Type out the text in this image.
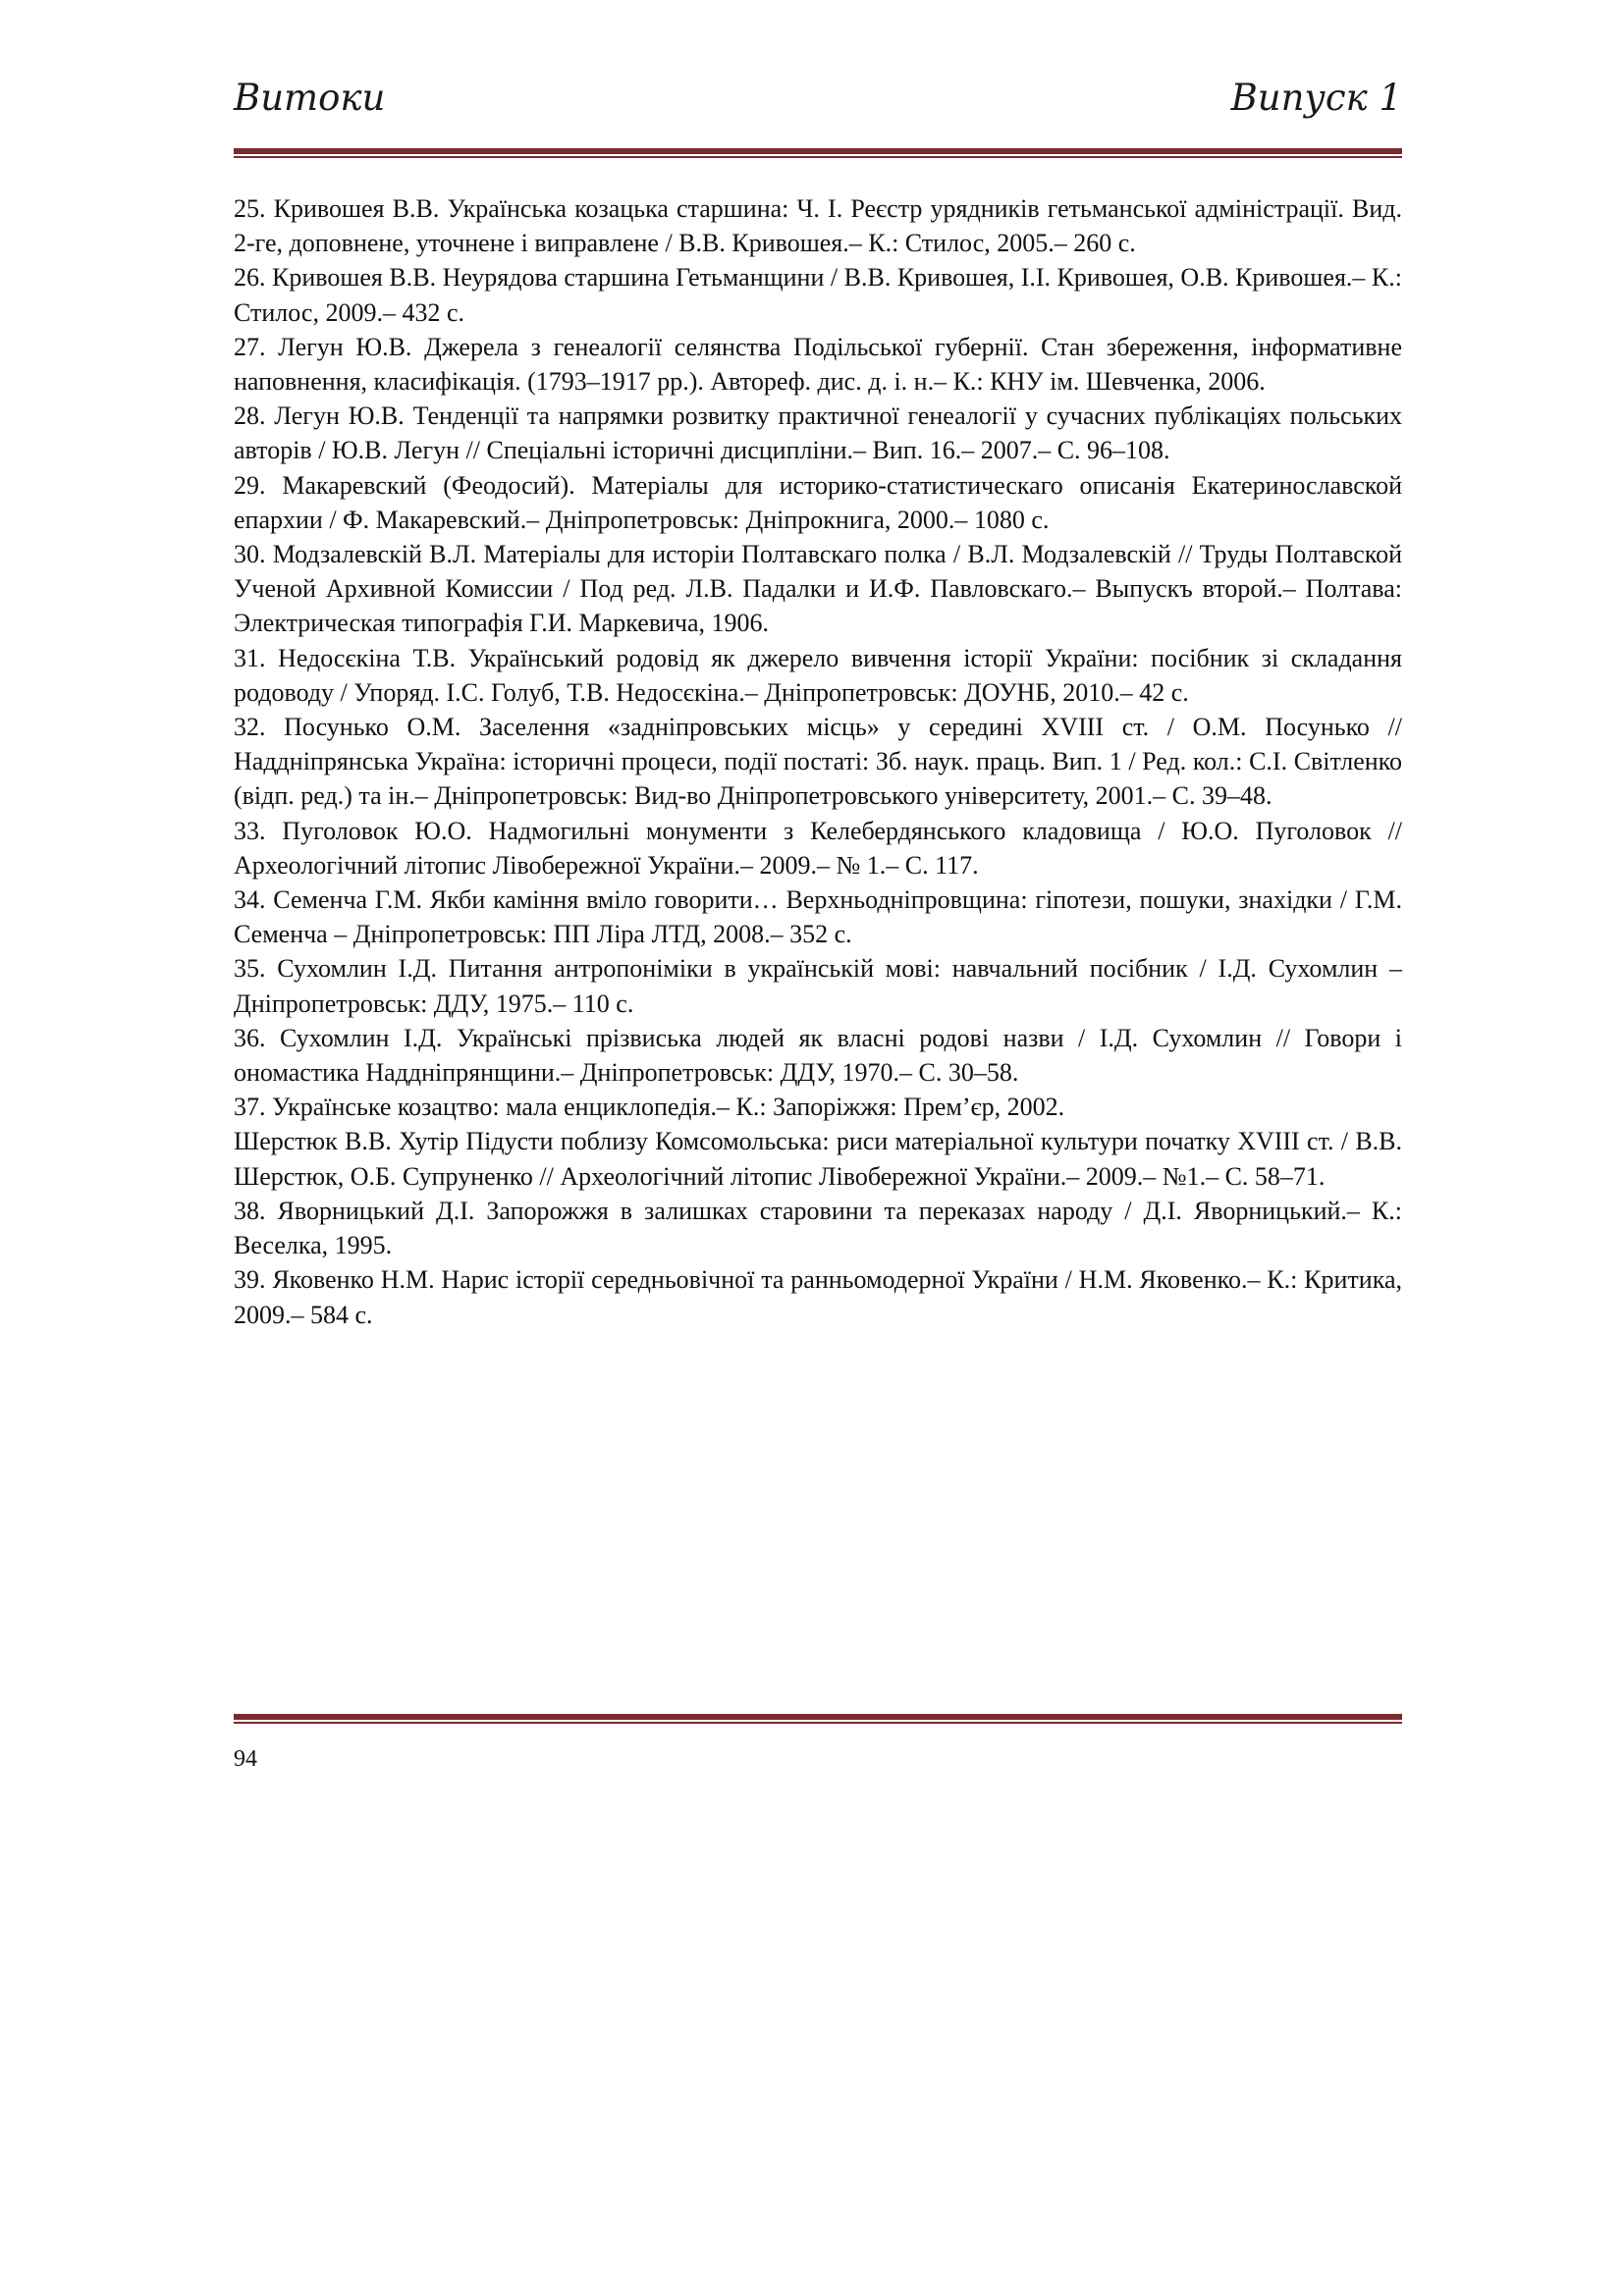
Витоки	Випуск 1

25. Кривошея В.В. Українська козацька старшина: Ч. І. Реєстр урядників гетьманської адміністрації. Вид. 2-ге, доповнене, уточнене і виправлене / В.В. Кривошея.– К.: Стилос, 2005.– 260 с.

26. Кривошея В.В. Неурядова старшина Гетьманщини / В.В. Кривошея, І.І. Кривошея, О.В. Кривошея.– К.: Стилос, 2009.– 432 с.

27. Легун Ю.В. Джерела з генеалогії селянства Подільської губернії. Стан збереження, інформативне наповнення, класифікація. (1793–1917 рр.). Автореф. дис. д. і. н.– К.: КНУ ім. Шевченка, 2006.

28. Легун Ю.В. Тенденції та напрямки розвитку практичної генеалогії у сучасних публікаціях польських авторів / Ю.В. Легун // Спеціальні історичні дисципліни.– Вип. 16.– 2007.– С. 96–108.

29. Макаревский (Феодосий). Матеріалы для историко-статистическаго описанія Екатеринославской епархии / Ф. Макаревский.– Дніпропетровськ: Дніпрокнига, 2000.– 1080 с.

30. Модзалевскій В.Л. Матеріалы для исторіи Полтавскаго полка / В.Л. Модзалевскій // Труды Полтавской Ученой Архивной Комиссии / Под ред. Л.В. Падалки и И.Ф. Павловскаго.– Выпускъ второй.– Полтава: Электрическая типографія Г.И. Маркевича, 1906.

31. Недосєкіна Т.В. Український родовід як джерело вивчення історії України: посібник зі складання родоводу / Упоряд. І.С. Голуб, Т.В. Недосєкіна.– Дніпропетровськ: ДОУНБ, 2010.– 42 с.

32. Посунько О.М. Заселення «задніпровських місць» у середині XVIII ст. / О.М. Посунько // Наддніпрянська Україна: історичні процеси, події постаті: Зб. наук. праць. Вип. 1 / Ред. кол.: С.І. Світленко (відп. ред.) та ін.– Дніпропетровськ: Вид-во Дніпропетровського університету, 2001.– С. 39–48.

33. Пуголовок Ю.О. Надмогильні монументи з Келебердянського кладовища / Ю.О. Пуголовок // Археологічний літопис Лівобережної України.– 2009.– № 1.– С. 117.

34. Семенча Г.М. Якби каміння вміло говорити… Верхньодніпровщина: гіпотези, пошуки, знахідки / Г.М. Семенча – Дніпропетровськ: ПП Ліра ЛТД, 2008.– 352 с.

35. Сухомлин І.Д. Питання антропоніміки в українській мові: навчальний посібник / І.Д. Сухомлин – Дніпропетровськ: ДДУ, 1975.– 110 с.

36. Сухомлин І.Д. Українські прізвиська людей як власні родові назви / І.Д. Сухомлин // Говори і ономастика Наддніпрянщини.– Дніпропетровськ: ДДУ, 1970.– С. 30–58.

37. Українське козацтво: мала енциклопедія.– К.: Запоріжжя: Прем’єр, 2002.

Шерстюк В.В. Хутір Підусти поблизу Комсомольська: риси матеріальної культури початку XVIII ст. / В.В. Шерстюк, О.Б. Супруненко // Археологічний літопис Лівобережної України.– 2009.– №1.– С. 58–71.

38. Яворницький Д.І. Запорожжя в залишках старовини та переказах народу / Д.І. Яворницький.– К.: Веселка, 1995.

39. Яковенко Н.М. Нарис історії середньовічної та ранньомодерної України / Н.М. Яковенко.– К.: Критика, 2009.– 584 с.

94
